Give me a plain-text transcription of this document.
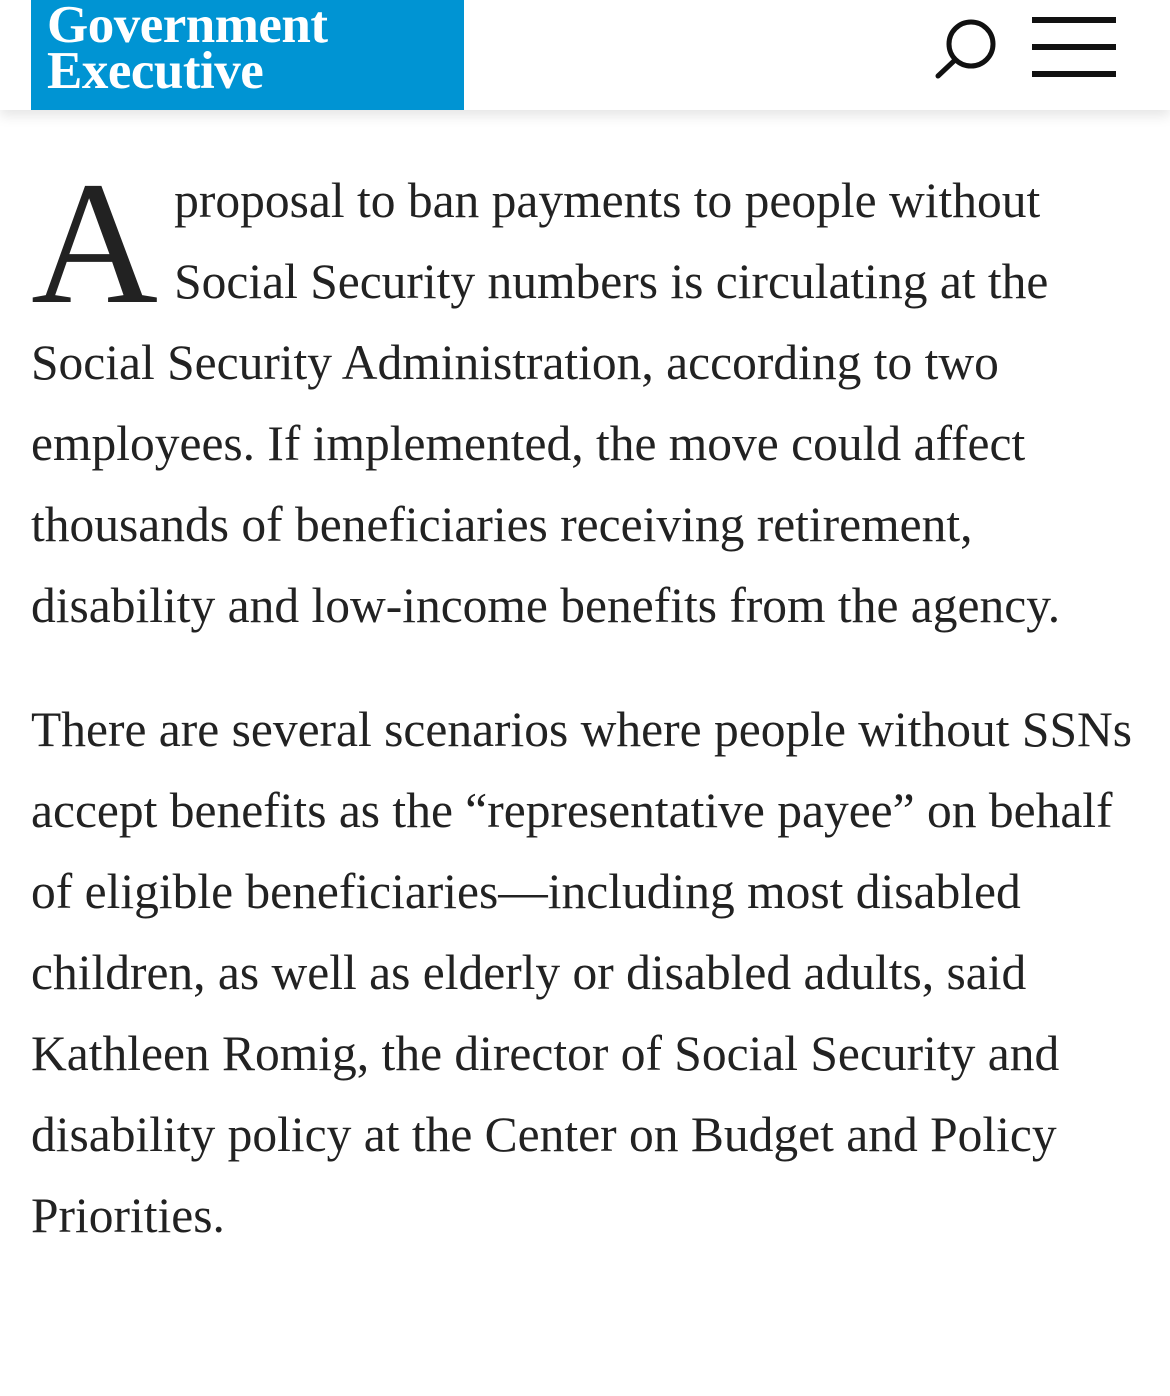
Government
Executive

A proposal to ban payments to people without Social Security numbers is circulating at the Social Security Administration, according to two employees. If implemented, the move could affect thousands of beneficiaries receiving retirement, disability and low-income benefits from the agency.

There are several scenarios where people without SSNs accept benefits as the “representative payee” on behalf of eligible beneficiaries—including most disabled children, as well as elderly or disabled adults, said Kathleen Romig, the director of Social Security and disability policy at the Center on Budget and Policy Priorities.
